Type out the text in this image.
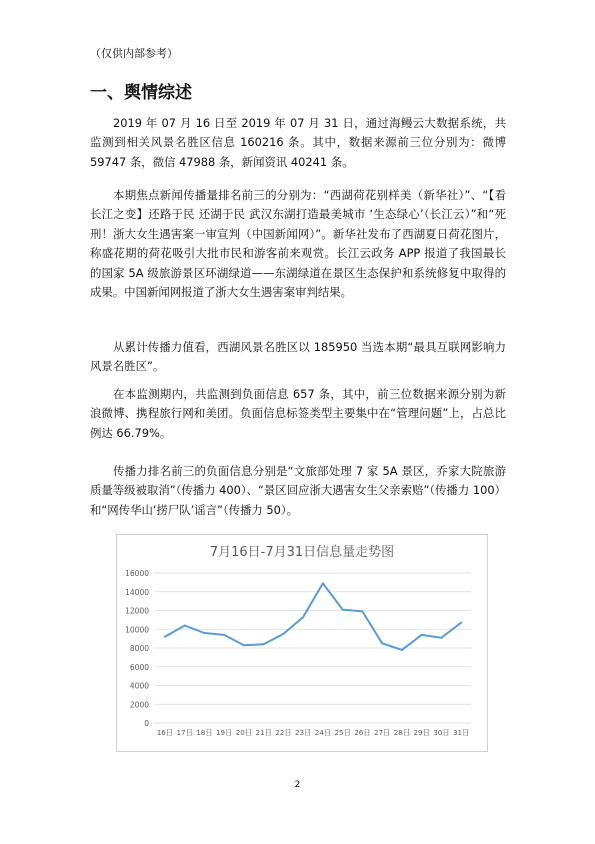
（仅供内部参考）
一、舆情综述

2019 年 07 月 16 日至 2019 年 07 月 31 日，通过海鳗云大数据系统，共监测到相关风景名胜区信息 160216 条。其中，数据来源前三位分别为：微博 59747 条，微信 47988 条，新闻资讯 40241 条。

本期焦点新闻传播量排名前三的分别为：“西湖荷花别样美（新华社）”、“【看长江之变】还路于民 还湖于民 武汉东湖打造最美城市 ‘生态绿心’（长江云）”和“死刑！浙大女生遇害案一审宣判（中国新闻网）”。新华社发布了西湖夏日荷花图片，称盛花期的荷花吸引大批市民和游客前来观赏。长江云政务 APP 报道了我国最长的国家 5A 级旅游景区环湖绿道——东湖绿道在景区生态保护和系统修复中取得的成果。中国新闻网报道了浙大女生遇害案审判结果。

从累计传播力值看，西湖风景名胜区以 185950 当选本期“最具互联网影响力风景名胜区”。

在本监测期内，共监测到负面信息 657 条，其中，前三位数据来源分别为新浪微博、携程旅行网和美团。负面信息标签类型主要集中在“管理问题”上，占总比例达 66.79%。

传播力排名前三的负面信息分别是“文旅部处理 7 家 5A 景区，乔家大院旅游质量等级被取消”（传播力 400）、“景区回应浙大遇害女生父亲索赔”（传播力 100）和“网传华山‘捞尸队’谣言”（传播力 50）。

7月16日-7月31日信息量走势图
0
2000
4000
6000
8000
10000
12000
14000
16000
16日 17日 18日 19日 20日 21日 22日 23日 24日 25日 26日 27日 28日 29日 30日 31日
2
